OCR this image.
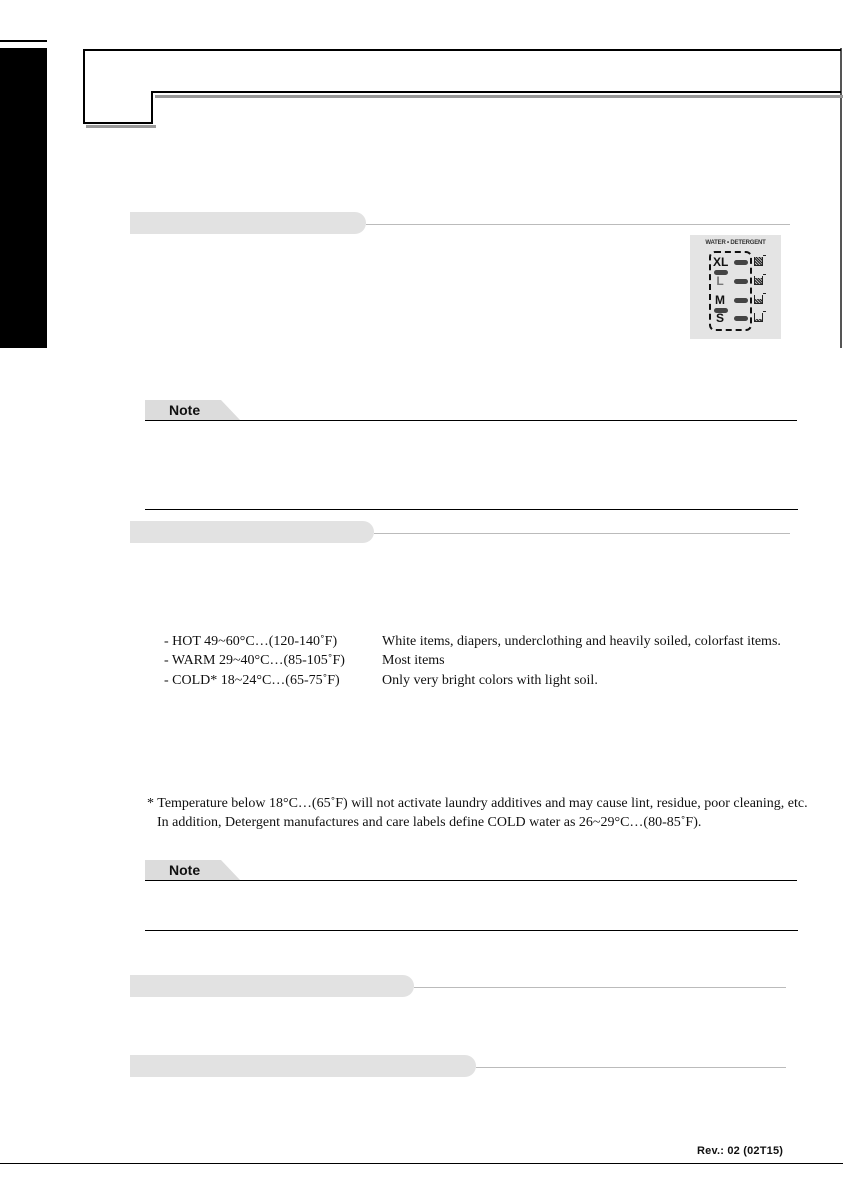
WATER • DETERGENT
XL
L
M
S
Note
- HOT 49~60°C…(120-140˚F)	White items, diapers, underclothing and heavily soiled, colorfast items.
- WARM 29~40°C…(85-105˚F)	Most items
- COLD* 18~24°C…(65-75˚F)	Only very bright colors with light soil.
* Temperature below 18°C…(65˚F) will not activate laundry additives and may cause lint, residue, poor cleaning, etc.
In addition, Detergent manufactures and care labels define COLD water as 26~29°C…(80-85˚F).
Note
Rev.: 02 (02T15)
